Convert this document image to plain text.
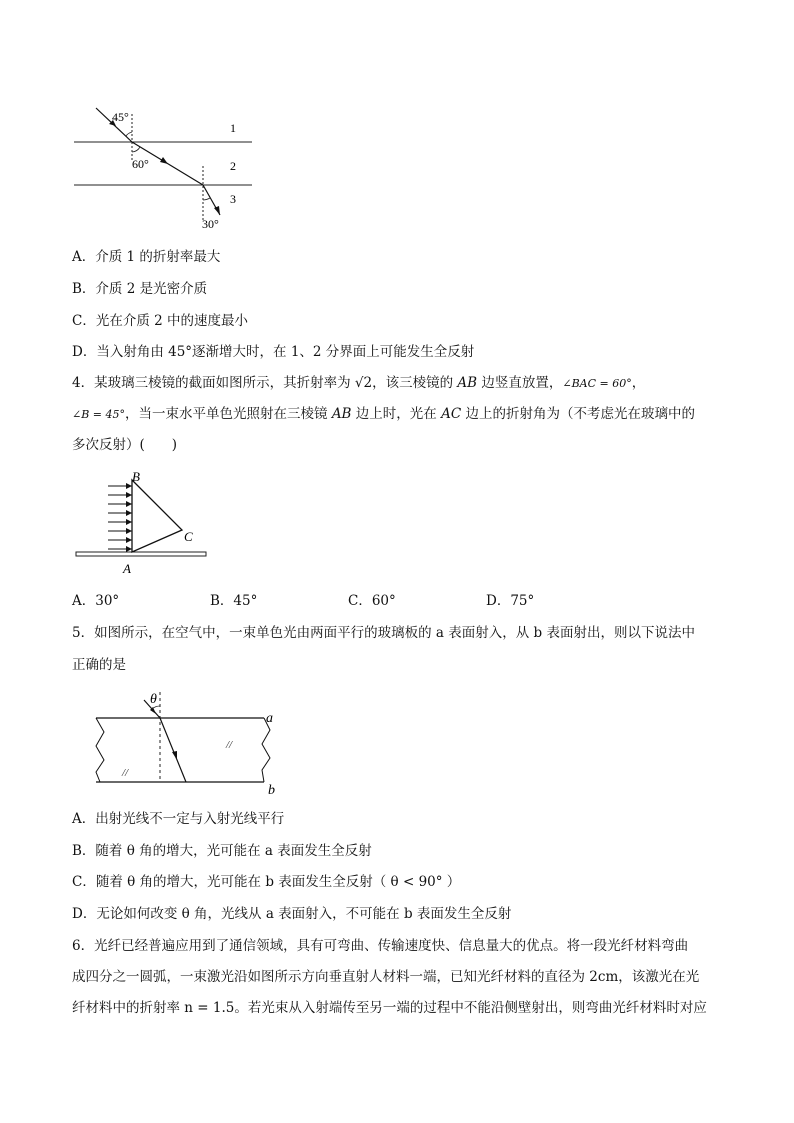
45°
60°
30°
1
2
3
A．介质 1 的折射率最大
B．介质 2 是光密介质
C．光在介质 2 中的速度最小
D．当入射角由 45°逐渐增大时，在 1、2 分界面上可能发生全反射
4．某玻璃三棱镜的截面如图所示，其折射率为 √2，该三棱镜的 AB 边竖直放置，∠BAC = 60°，
∠B = 45°，当一束水平单色光照射在三棱镜 AB 边上时，光在 AC 边上的折射角为（不考虑光在玻璃中的
多次反射）(　　)
B
C
A
A．30°	B．45°	C．60°	D．75°
5．如图所示，在空气中，一束单色光由两面平行的玻璃板的 a 表面射入，从 b 表面射出，则以下说法中
正确的是
θ
a
b
//
//
A．出射光线不一定与入射光线平行
B．随着 θ 角的增大，光可能在 a 表面发生全反射
C．随着 θ 角的增大，光可能在 b 表面发生全反射（ θ < 90° ）
D．无论如何改变 θ 角，光线从 a 表面射入，不可能在 b 表面发生全反射
6．光纤已经普遍应用到了通信领域，具有可弯曲、传输速度快、信息量大的优点。将一段光纤材料弯曲
成四分之一圆弧，一束激光沿如图所示方向垂直射人材料一端，已知光纤材料的直径为 2cm，该激光在光
纤材料中的折射率 n = 1.5。若光束从入射端传至另一端的过程中不能沿侧壁射出，则弯曲光纤材料时对应
